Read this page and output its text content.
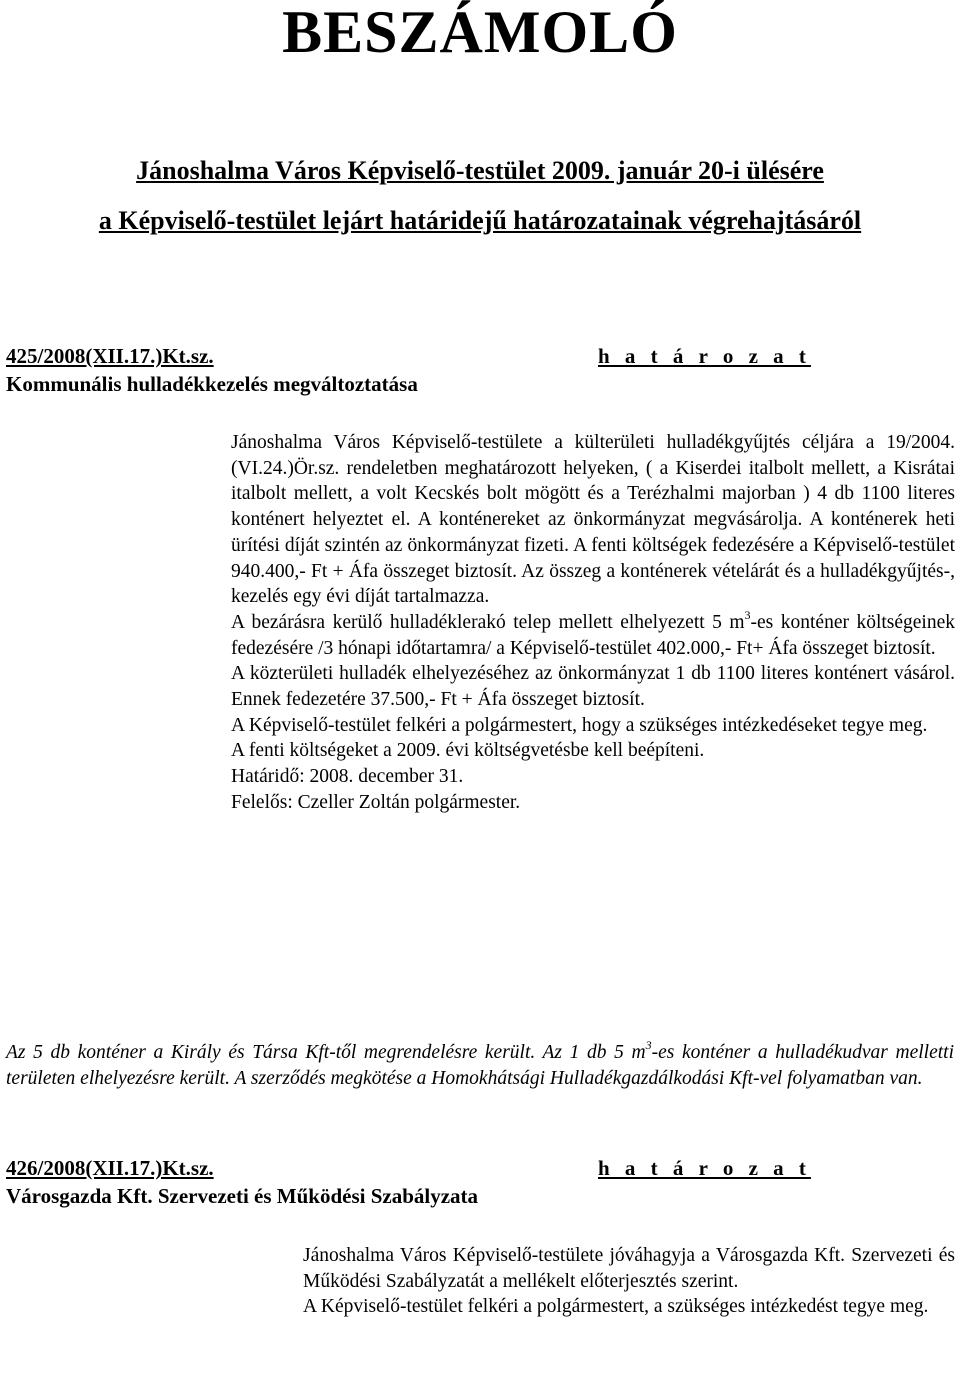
BESZÁMOLÓ
Jánoshalma Város Képviselő-testület 2009. január 20-i ülésére
a Képviselő-testület lejárt határidejű határozatainak végrehajtásáról
425/2008(XII.17.)Kt.sz.
Kommunális hulladékkezelés megváltoztatása
h a t á r o z a t

Jánoshalma Város Képviselő-testülete a külterületi hulladékgyűjtés céljára a 19/2004.(VI.24.)Ör.sz. rendeletben meghatározott helyeken, ( a Kiserdei italbolt mellett, a Kisrátai italbolt mellett, a volt Kecskés bolt mögött és a Terézhalmi majorban ) 4 db 1100 literes konténert helyeztet el. A konténereket az önkormányzat megvásárolja. A konténerek heti ürítési díját szintén az önkormányzat fizeti. A fenti költségek fedezésére a Képviselő-testület 940.400,- Ft + Áfa összeget biztosít. Az összeg a konténerek vételárát és a hulladékgyűjtés-, kezelés egy évi díját tartalmazza.

A bezárásra kerülő hulladéklerakó telep mellett elhelyezett 5 $m^3-es$ konténer költségeinek fedezésére /3 hónapi időtartamra/ a Képviselő-testület 402.000,- Ft+ Áfa összeget biztosít.

A közterületi hulladék elhelyezéséhez az önkormányzat 1 db 1100 literes konténert vásárol. Ennek fedezetére 37.500,- Ft + Áfa összeget biztosít.

A Képviselő-testület felkéri a polgármestert, hogy a szükséges intézkedéseket tegye meg.

A fenti költségeket a 2009. évi költségvetésbe kell beépíteni.

Határidő: 2008. december 31.

Felelős: Czeller Zoltán polgármester.

Az 5 db konténer a Király és Társa Kft-től megrendelésre került. Az 1 db 5 $m^3-es$ konténer a hulladékudvar melletti területen elhelyezésre került. A szerződés megkötése a Homokhátsági Hulladékgazdálkodási Kft-vel folyamatban van.

426/2008(XII.17.)Kt.sz.
Városgazda Kft. Szervezeti és Működési Szabályzata
h a t á r o z a t

Jánoshalma Város Képviselő-testülete jóváhagyja a Városgazda Kft. Szervezeti és Működési Szabályzatát a mellékelt előterjesztés szerint.

A Képviselő-testület felkéri a polgármestert, a szükséges intézkedést tegye meg.
